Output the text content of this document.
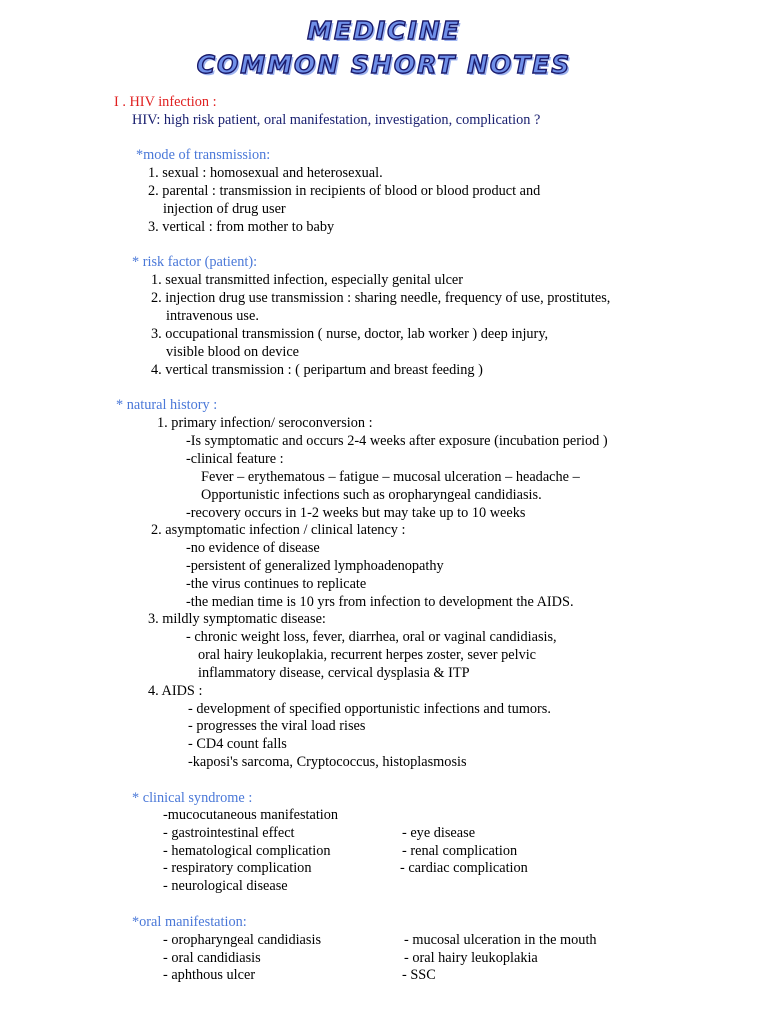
MEDICINE
COMMON SHORT NOTES
I . HIV infection :
HIV: high risk patient, oral manifestation, investigation, complication ?
*mode of transmission:
1. sexual : homosexual and heterosexual.
2. parental : transmission in recipients of blood or blood product and
injection of drug user
3. vertical : from mother to baby
* risk factor (patient):
1. sexual transmitted infection, especially genital ulcer
2. injection drug use transmission : sharing needle, frequency of use, prostitutes,
intravenous use.
3. occupational transmission ( nurse, doctor, lab worker ) deep injury,
visible blood on device
4. vertical transmission : ( peripartum and breast feeding )
* natural history :
1. primary infection/ seroconversion :
-Is symptomatic and occurs 2-4 weeks after exposure (incubation period )
-clinical feature :
Fever – erythematous – fatigue – mucosal ulceration – headache –
Opportunistic infections such as oropharyngeal candidiasis.
-recovery occurs in 1-2 weeks but may take up to 10 weeks
2. asymptomatic infection / clinical latency :
-no evidence of disease
-persistent of generalized lymphoadenopathy
-the virus continues to replicate
-the median time is 10 yrs from infection to development the AIDS.
3. mildly symptomatic disease:
- chronic weight loss, fever, diarrhea, oral or vaginal candidiasis,
oral hairy leukoplakia, recurrent herpes zoster, sever pelvic
inflammatory disease, cervical dysplasia & ITP
4. AIDS :
- development of specified opportunistic infections and tumors.
- progresses the viral load rises
- CD4 count falls
-kaposi's sarcoma, Cryptococcus, histoplasmosis
* clinical syndrome :
-mucocutaneous manifestation
- gastrointestinal effect
- hematological complication
- respiratory complication
- neurological disease
- eye disease
- renal complication
- cardiac complication
*oral manifestation:
- oropharyngeal candidiasis
- oral candidiasis
- aphthous ulcer
- mucosal ulceration in the mouth
- oral hairy leukoplakia
- SSC
